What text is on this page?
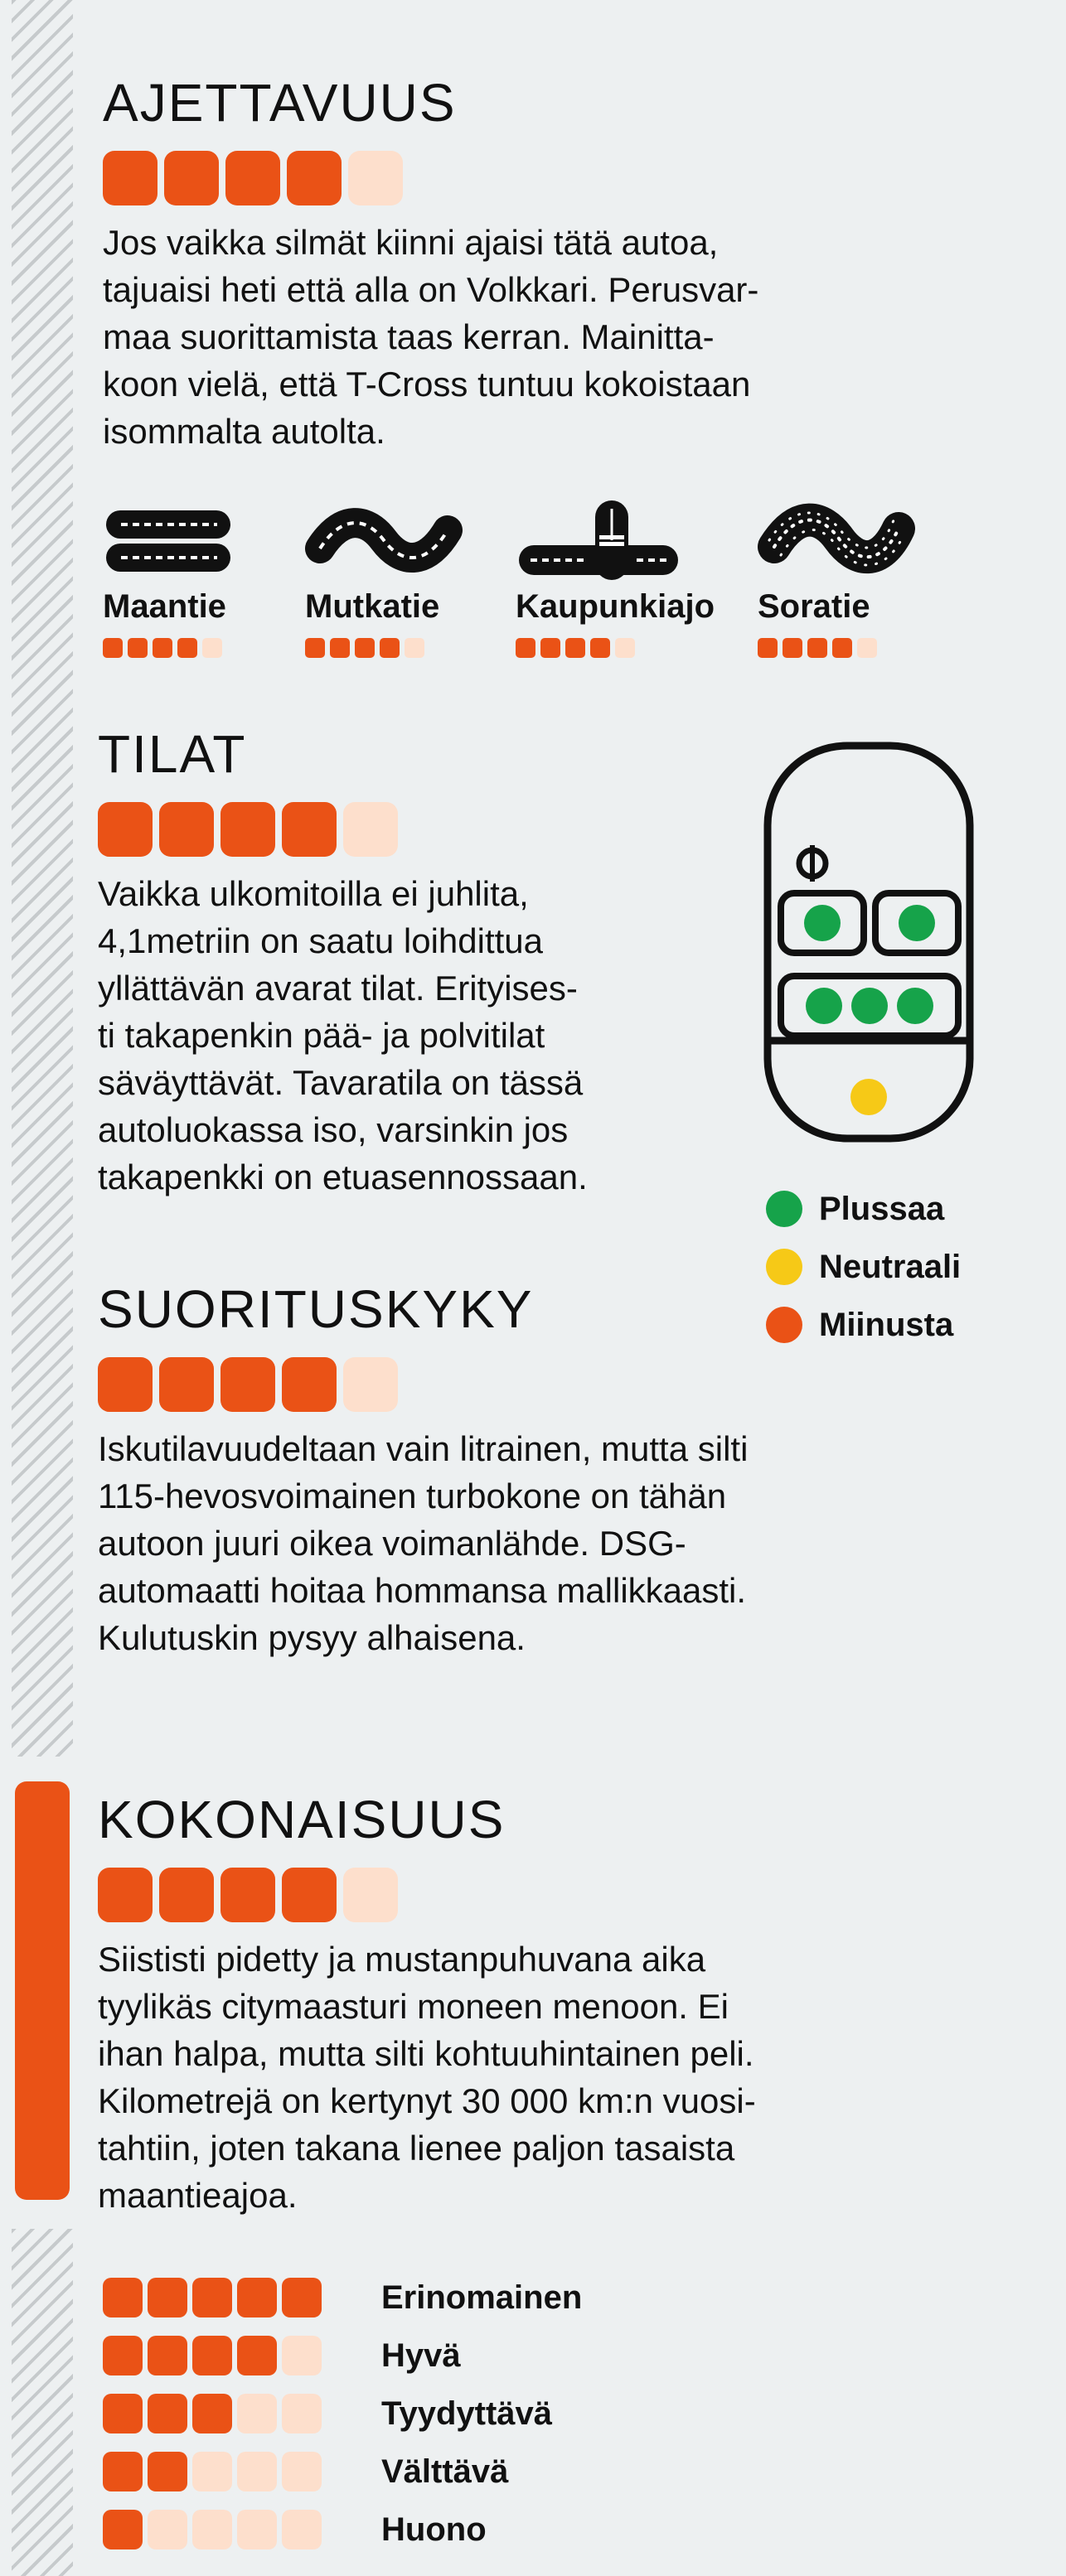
AJETTAVUUS

Jos vaikka silmät kiinni ajaisi tätä autoa,
tajuaisi heti että alla on Volkkari. Perusvar-
maa suorittamista taas kerran. Mainitta-
koon vielä, että T-Cross tuntuu kokoistaan
isommalta autolta.

Maantie Mutkatie	Kaupunkiajo Soratie
TILAT

Vaikka ulkomitoilla ei juhlita,
4,1metriin on saatu loihdittua
yllättävän avarat tilat. Erityises-
ti takapenkin pää- ja polvitilat
säväyttävät. Tavaratila on tässä
autoluokassa iso, varsinkin jos
takapenkki on etuasennossaan.

Plussaa
Neutraali
Miinusta
SUORITUSKYKY

Iskutilavuudeltaan vain litrainen, mutta silti
115-hevosvoimainen turbokone on tähän
autoon juuri oikea voimanlähde. DSG-
automaatti hoitaa hommansa mallikkaasti.
Kulutuskin pysyy alhaisena.

KOKONAISUUS

Siististi pidetty ja mustanpuhuvana aika
tyylikäs citymaasturi moneen menoon. Ei
ihan halpa, mutta silti kohtuuhintainen peli.
Kilometrejä on kertynyt 30 000 km:n vuosi-
tahtiin, joten takana lienee paljon tasaista
maantieajoa.

Erinomainen
Hyvä
Tyydyttävä
Välttävä
Huono
